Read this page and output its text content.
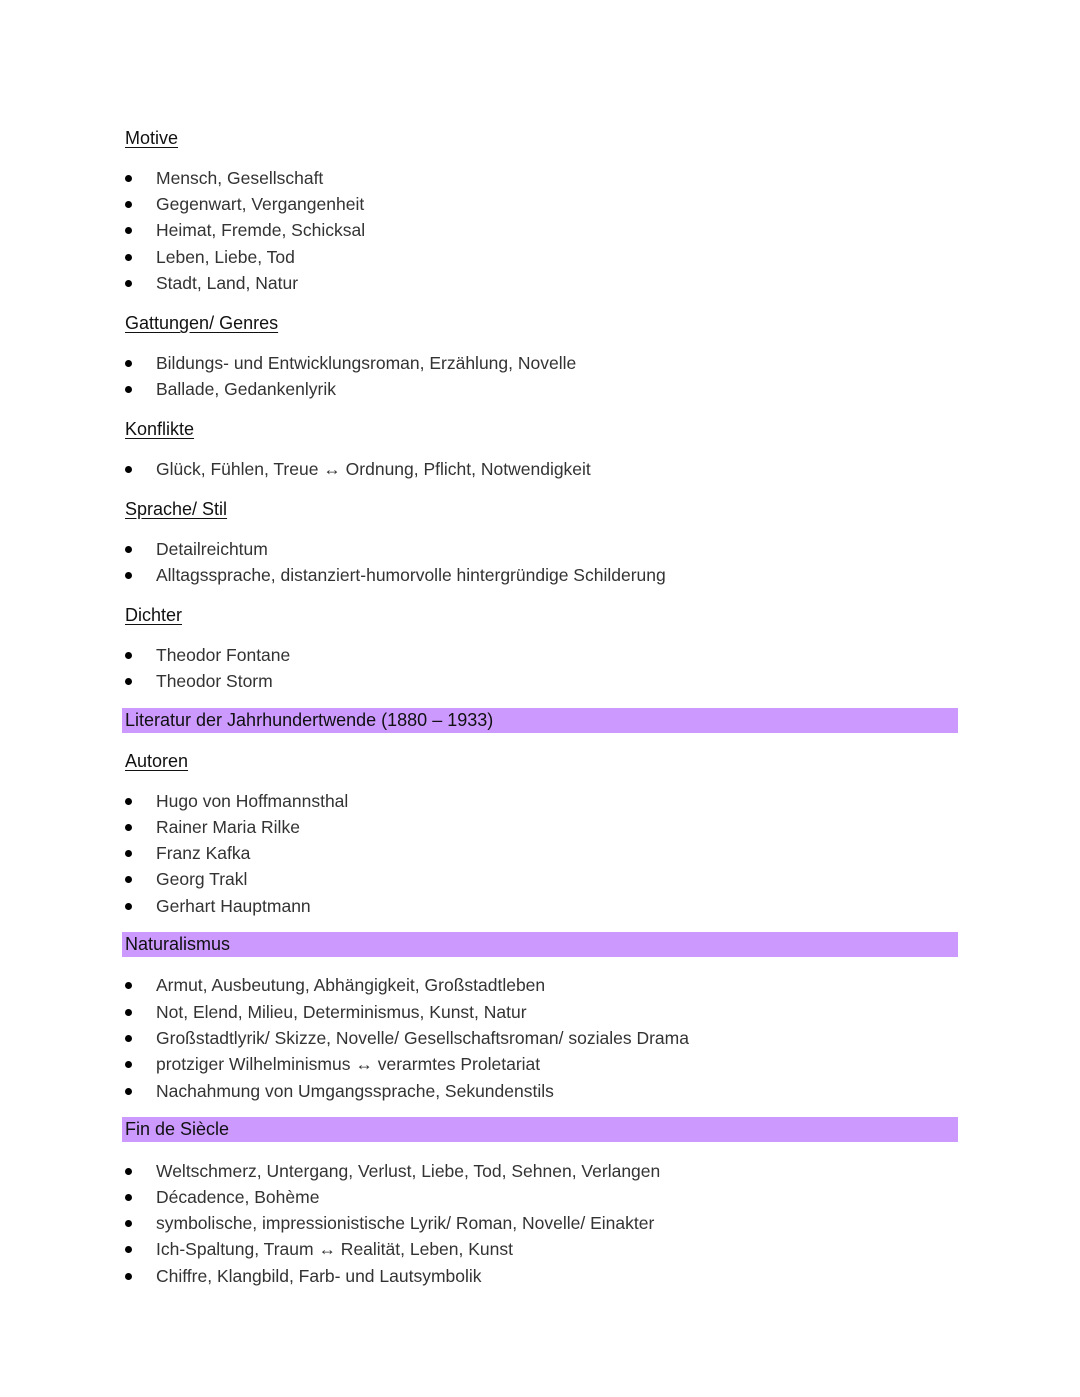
Motive
Mensch, Gesellschaft
Gegenwart, Vergangenheit
Heimat, Fremde, Schicksal
Leben, Liebe, Tod
Stadt, Land, Natur
Gattungen/ Genres
Bildungs- und Entwicklungsroman, Erzählung, Novelle
Ballade, Gedankenlyrik
Konflikte
Glück, Fühlen, Treue ↔ Ordnung, Pflicht, Notwendigkeit
Sprache/ Stil
Detailreichtum
Alltagssprache, distanziert-humorvolle hintergründige Schilderung
Dichter
Theodor Fontane
Theodor Storm
Literatur der Jahrhundertwende (1880 – 1933)
Autoren
Hugo von Hoffmannsthal
Rainer Maria Rilke
Franz Kafka
Georg Trakl
Gerhart Hauptmann
Naturalismus
Armut, Ausbeutung, Abhängigkeit, Großstadtleben
Not, Elend, Milieu, Determinismus, Kunst, Natur
Großstadtlyrik/ Skizze, Novelle/ Gesellschaftsroman/ soziales Drama
protziger Wilhelminismus ↔ verarmtes Proletariat
Nachahmung von Umgangssprache, Sekundenstils
Fin de Siècle
Weltschmerz, Untergang, Verlust, Liebe, Tod, Sehnen, Verlangen
Décadence, Bohème
symbolische, impressionistische Lyrik/ Roman, Novelle/ Einakter
Ich-Spaltung, Traum ↔ Realität, Leben, Kunst
Chiffre, Klangbild, Farb- und Lautsymbolik
